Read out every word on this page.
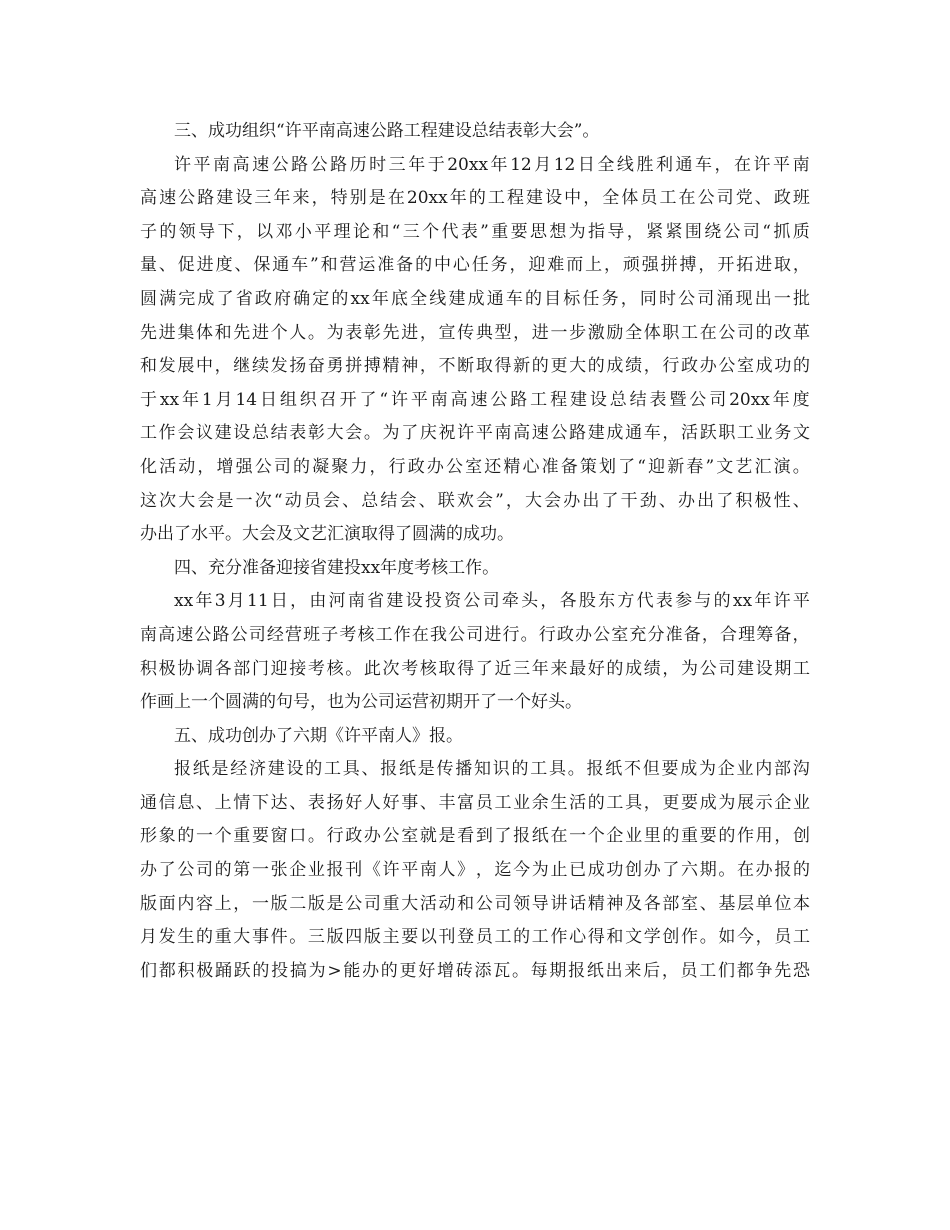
三、成功组织“许平南高速公路工程建设总结表彰大会”。
许 平 南 高 速 公 路 公 路 历 时 三 年 于 20xx 年 12 月 12 日 全 线 胜 利 通 车 ， 在 许 平 南
高 速 公 路 建 设 三 年 来 ， 特 别 是 在 20xx 年 的 工 程 建 设 中 ， 全 体 员 工 在 公 司 党 、 政 班
子 的 领 导 下 ， 以 邓 小 平 理 论 和 “ 三 个 代 表 ” 重 要 思 想 为 指 导 ， 紧 紧 围 绕 公 司 “ 抓 质
量 、 促 进 度 、 保 通 车 ” 和 营 运 准 备 的 中 心 任 务 ， 迎 难 而 上 ， 顽 强 拼 搏 ， 开 拓 进 取 ，
圆 满 完 成 了 省 政 府 确 定 的 xx 年 底 全 线 建 成 通 车 的 目 标 任 务 ， 同 时 公 司 涌 现 出 一 批
先 进 集 体 和 先 进 个 人 。 为 表 彰 先 进 ， 宣 传 典 型 ， 进 一 步 激 励 全 体 职 工 在 公 司 的 改 革
和 发 展 中 ， 继 续 发 扬 奋 勇 拼 搏 精 神 ， 不 断 取 得 新 的 更 大 的 成 绩 ， 行 政 办 公 室 成 功 的
于 xx 年 1 月 14 日 组 织 召 开 了 “ 许 平 南 高 速 公 路 工 程 建 设 总 结 表 暨 公 司 20xx 年 度
工 作 会 议 建 设 总 结 表 彰 大 会 。 为 了 庆 祝 许 平 南 高 速 公 路 建 成 通 车 ， 活 跃 职 工 业 务 文
化 活 动 ， 增 强 公 司 的 凝 聚 力 ， 行 政 办 公 室 还 精 心 准 备 策 划 了 “ 迎 新 春 ” 文 艺 汇 演 。
这 次 大 会 是 一 次 “ 动 员 会 、 总 结 会 、 联 欢 会 ” ， 大 会 办 出 了 干 劲 、 办 出 了 积 极 性 、
办出了水平。大会及文艺汇演取得了圆满的成功。
四、充分准备迎接省建投xx年度考核工作。
xx 年 3 月 11 日 ， 由 河 南 省 建 设 投 资 公 司 牵 头 ， 各 股 东 方 代 表 参 与 的 xx 年 许 平
南 高 速 公 路 公 司 经 营 班 子 考 核 工 作 在 我 公 司 进 行 。 行 政 办 公 室 充 分 准 备 ， 合 理 筹 备 ，
积 极 协 调 各 部 门 迎 接 考 核 。 此 次 考 核 取 得 了 近 三 年 来 最 好 的 成 绩 ， 为 公 司 建 设 期 工
作画上一个圆满的句号，也为公司运营初期开了一个好头。
五、成功创办了六期《许平南人》报。
报 纸 是 经 济 建 设 的 工 具 、 报 纸 是 传 播 知 识 的 工 具 。 报 纸 不 但 要 成 为 企 业 内 部 沟
通 信 息 、 上 情 下 达 、 表 扬 好 人 好 事 、 丰 富 员 工 业 余 生 活 的 工 具 ， 更 要 成 为 展 示 企 业
形 象 的 一 个 重 要 窗 口 。 行 政 办 公 室 就 是 看 到 了 报 纸 在 一 个 企 业 里 的 重 要 的 作 用 ， 创
办 了 公 司 的 第 一 张 企 业 报 刊 《 许 平 南 人 》 ， 迄 今 为 止 已 成 功 创 办 了 六 期 。 在 办 报 的
版 面 内 容 上 ， 一 版 二 版 是 公 司 重 大 活 动 和 公 司 领 导 讲 话 精 神 及 各 部 室 、 基 层 单 位 本
月 发 生 的 重 大 事 件 。 三 版 四 版 主 要 以 刊 登 员 工 的 工 作 心 得 和 文 学 创 作 。 如 今 ， 员 工
们 都 积 极 踊 跃 的 投 搞 为 > 能 办 的 更 好 增 砖 添 瓦 。 每 期 报 纸 出 来 后 ， 员 工 们 都 争 先 恐
